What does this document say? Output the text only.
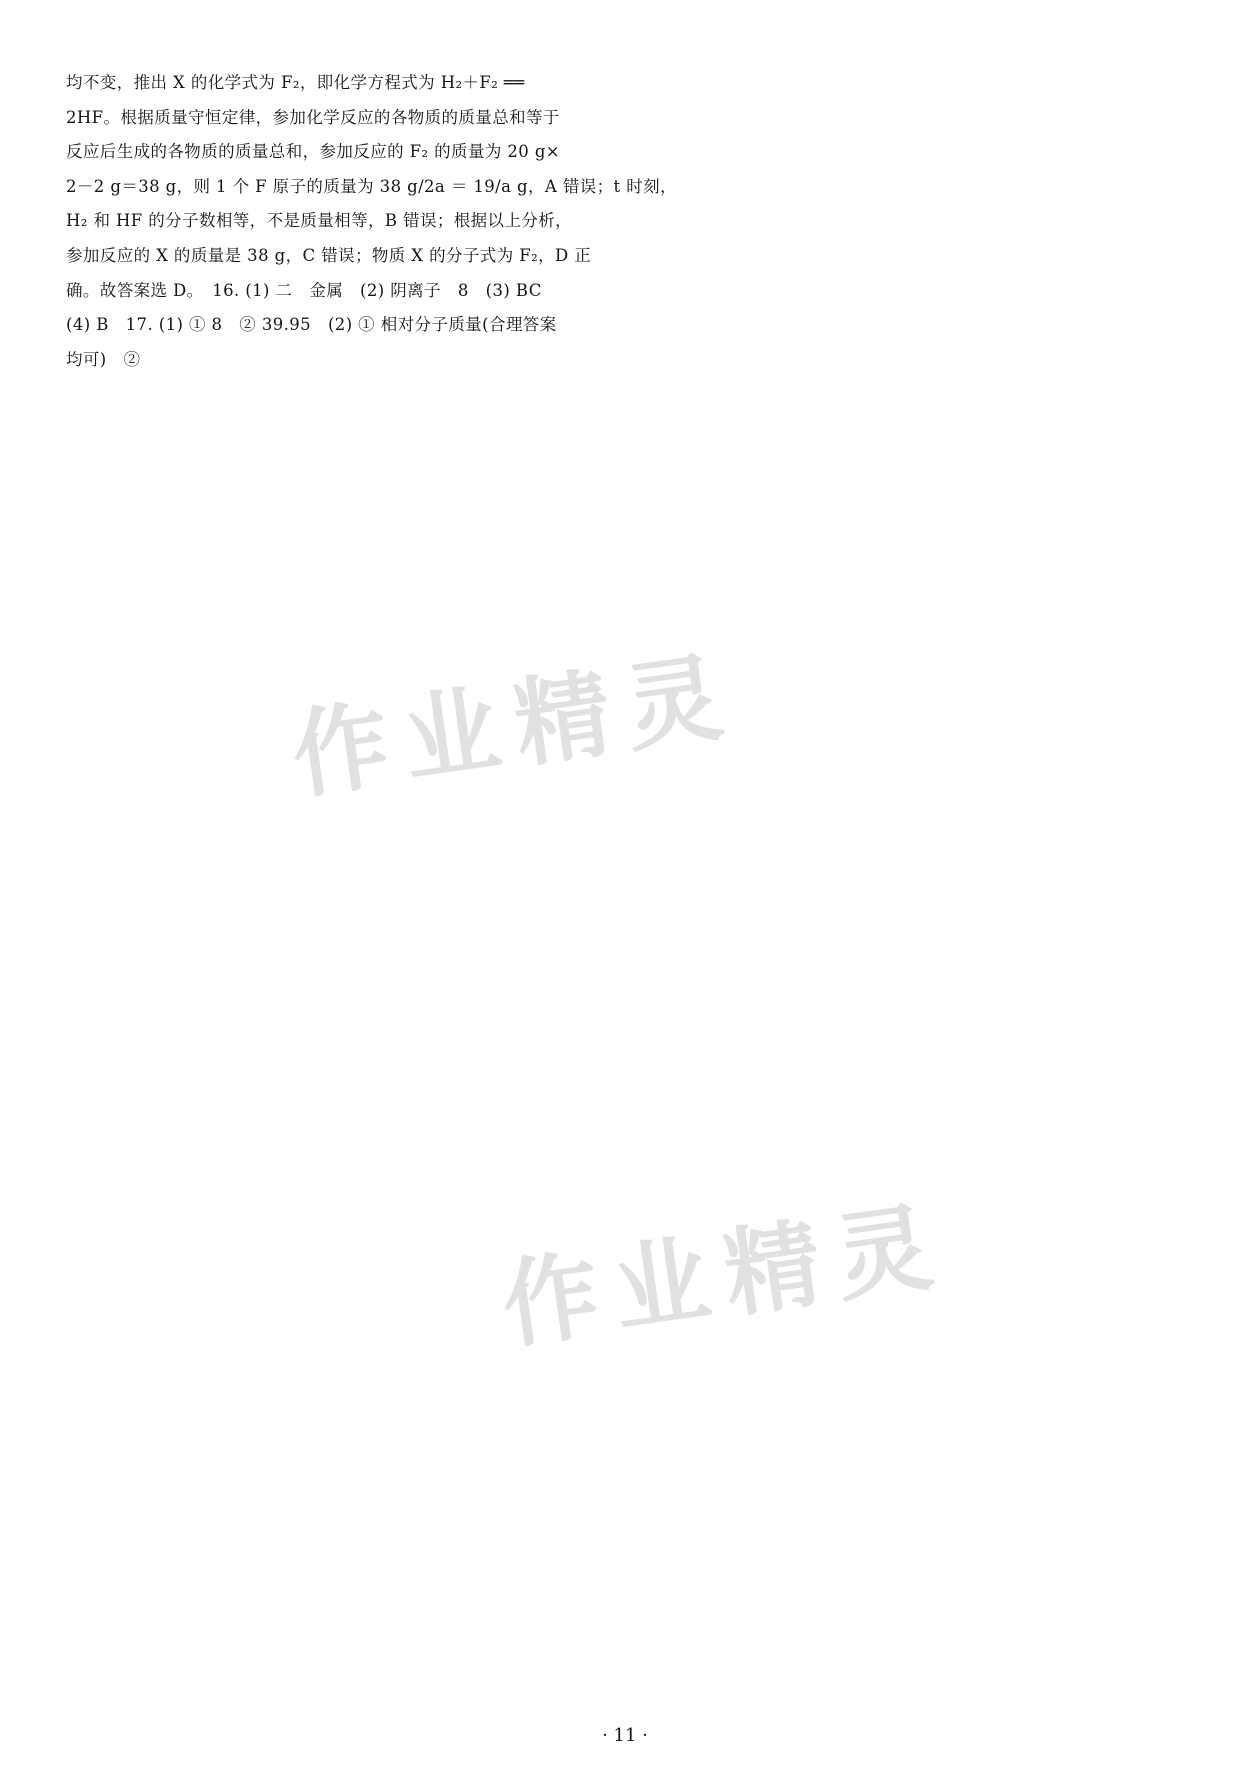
均不变，推出 X 的化学式为 F₂，即化学方程式为 H₂＋F₂ ══
2HF。根据质量守恒定律，参加化学反应的各物质的质量总和等于
反应后生成的各物质的质量总和，参加反应的 F₂ 的质量为 20 g×
2－2 g＝38 g，则 1 个 F 原子的质量为 38 g/2a ＝ 19/a g，A 错误；t 时刻，
H₂ 和 HF 的分子数相等，不是质量相等，B 错误；根据以上分析，
参加反应的 X 的质量是 38 g，C 错误；物质 X 的分子式为 F₂，D 正
确。故答案选 D。　16. (1) 二　金属　(2) 阴离子　8　(3) BC
(4) B　17. (1) ① 8　② 39.95　(2) ① 相对分子质量(合理答案
均可)　②
· 11 ·
作业精灵
作业精灵
